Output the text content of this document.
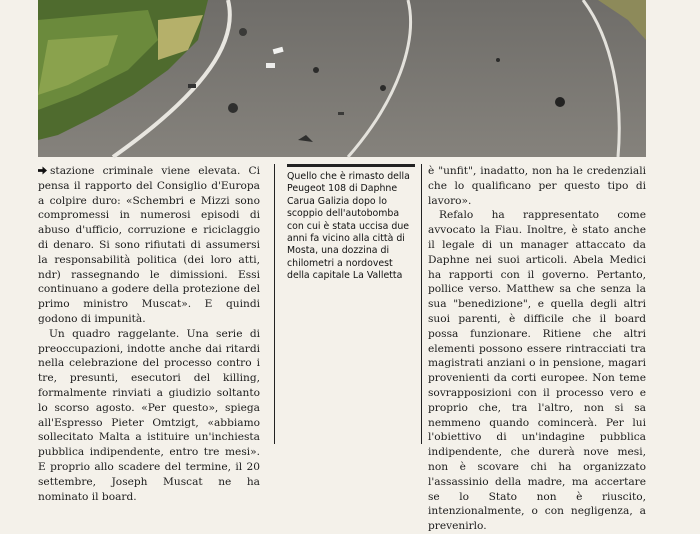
stazione criminale viene elevata. Ci pensa il rapporto del Consiglio d'Europa a colpire duro: «Schembri e Mizzi sono compromessi in numerosi episodi di abuso d'ufficio, corruzione e riciclaggio di denaro. Si sono rifiutati di assumersi la responsabilità politica (dei loro atti, ndr) rassegnando le dimissioni. Essi continuano a godere della protezione del primo ministro Muscat». E quindi godono di impunità.

Un quadro raggelante. Una serie di preoccupazioni, indotte anche dai ritardi nella celebrazione del processo contro i tre, presunti, esecutori del killing, formalmente rinviati a giudizio soltanto lo scorso agosto. «Per questo», spiega all'Espresso Pieter Omtzigt, «abbiamo sollecitato Malta a istituire un'inchiesta pubblica indipendente, entro tre mesi». E proprio allo scadere del termine, il 20 settembre, Joseph Muscat ne ha nominato il board.

Quello che è rimasto della Peugeot 108 di Daphne Carua Galizia dopo lo scoppio dell'autobomba con cui è stata uccisa due anni fa vicino alla città di Mosta, una dozzina di chilometri a nordovest della capitale La Valletta

è "unfit", inadatto, non ha le credenziali che lo qualificano per questo tipo di lavoro».

Refalo ha rappresentato come avvocato la Fiau. Inoltre, è stato anche il legale di un manager attaccato da Daphne nei suoi articoli. Abela Medici ha rapporti con il governo. Pertanto, pollice verso. Matthew sa che senza la sua "benedizione", e quella degli altri suoi parenti, è difficile che il board possa funzionare. Ritiene che altri elementi possono essere rintracciati tra magistrati anziani o in pensione, magari provenienti da corti europee. Non teme sovrapposizioni con il processo vero e proprio che, tra l'altro, non si sa nemmeno quando comincerà. Per lui l'obiettivo di un'indagine pubblica indipendente, che durerà nove mesi, non è scovare chi ha organizzato l'assassinio della madre, ma accertare se lo Stato non è riuscito, intenzionalmente, o con negligenza, a prevenirlo.
